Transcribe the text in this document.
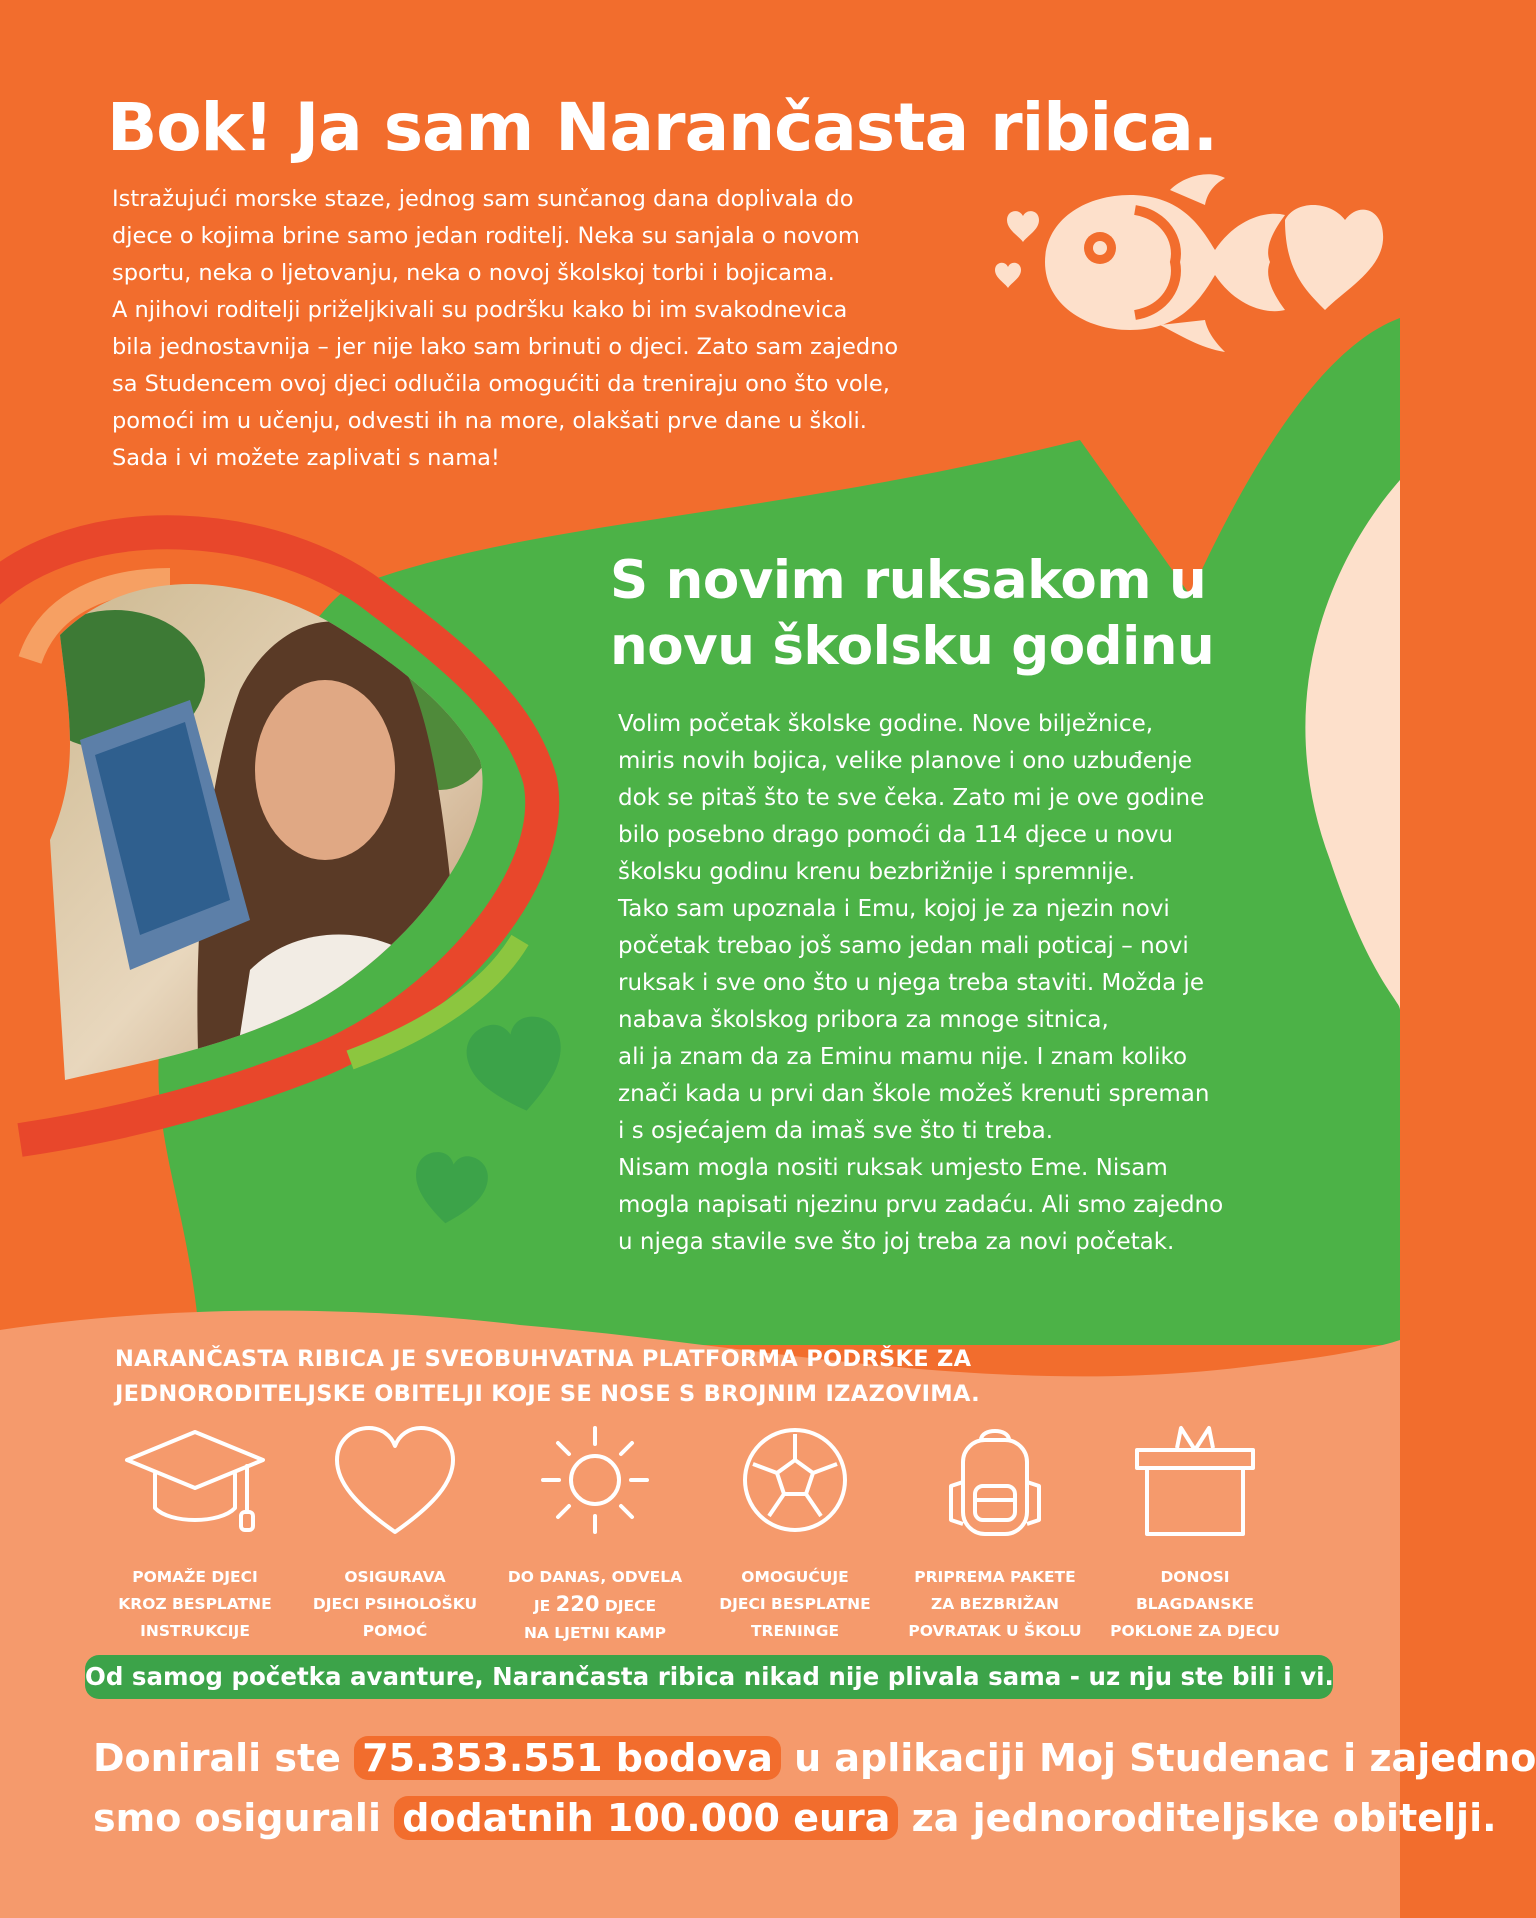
Bok! Ja sam Narančasta ribica.
Istražujući morske staze, jednog sam sunčanog dana doplivala do
djece o kojima brine samo jedan roditelj. Neka su sanjala o novom
sportu, neka o ljetovanju, neka o novoj školskoj torbi i bojicama.
A njihovi roditelji priželjkivali su podršku kako bi im svakodnevica
bila jednostavnija – jer nije lako sam brinuti o djeci. Zato sam zajedno
sa Studencem ovoj djeci odlučila omogućiti da treniraju ono što vole,
pomoći im u učenju, odvesti ih na more, olakšati prve dane u školi.
Sada i vi možete zaplivati s nama!
S novim ruksakom u
novu školsku godinu
Volim početak školske godine. Nove bilježnice,
miris novih bojica, velike planove i ono uzbuđenje
dok se pitaš što te sve čeka. Zato mi je ove godine
bilo posebno drago pomoći da 114 djece u novu
školsku godinu krenu bezbrižnije i spremnije.
Tako sam upoznala i Emu, kojoj je za njezin novi
početak trebao još samo jedan mali poticaj – novi
ruksak i sve ono što u njega treba staviti. Možda je
nabava školskog pribora za mnoge sitnica,
ali ja znam da za Eminu mamu nije. I znam koliko
znači kada u prvi dan škole možeš krenuti spreman
i s osjećajem da imaš sve što ti treba.
Nisam mogla nositi ruksak umjesto Eme. Nisam
mogla napisati njezinu prvu zadaću. Ali smo zajedno
u njega stavile sve što joj treba za novi početak.
NARANČASTA RIBICA JE SVEOBUHVATNA PLATFORMA PODRŠKE ZA
JEDNORODITELJSKE OBITELJI KOJE SE NOSE S BROJNIM IZAZOVIMA.
POMAŽE DJECI
KROZ BESPLATNE
INSTRUKCIJE
OSIGURAVA
DJECI PSIHOLOŠKU
POMOĆ
DO DANAS, ODVELA
JE 220 DJECE
NA LJETNI KAMP
OMOGUĆUJE
DJECI BESPLATNE
TRENINGE
PRIPREMA PAKETE
ZA BEZBRIŽAN
POVRATAK U ŠKOLU
DONOSI
BLAGDANSKE
POKLONE ZA DJECU
Od samog početka avanture, Narančasta ribica nikad nije plivala sama - uz nju ste bili i vi.
Donirali ste 75.353.551 bodova u aplikaciji Moj Studenac i zajedno
smo osigurali dodatnih 100.000 eura za jednoroditeljske obitelji.
